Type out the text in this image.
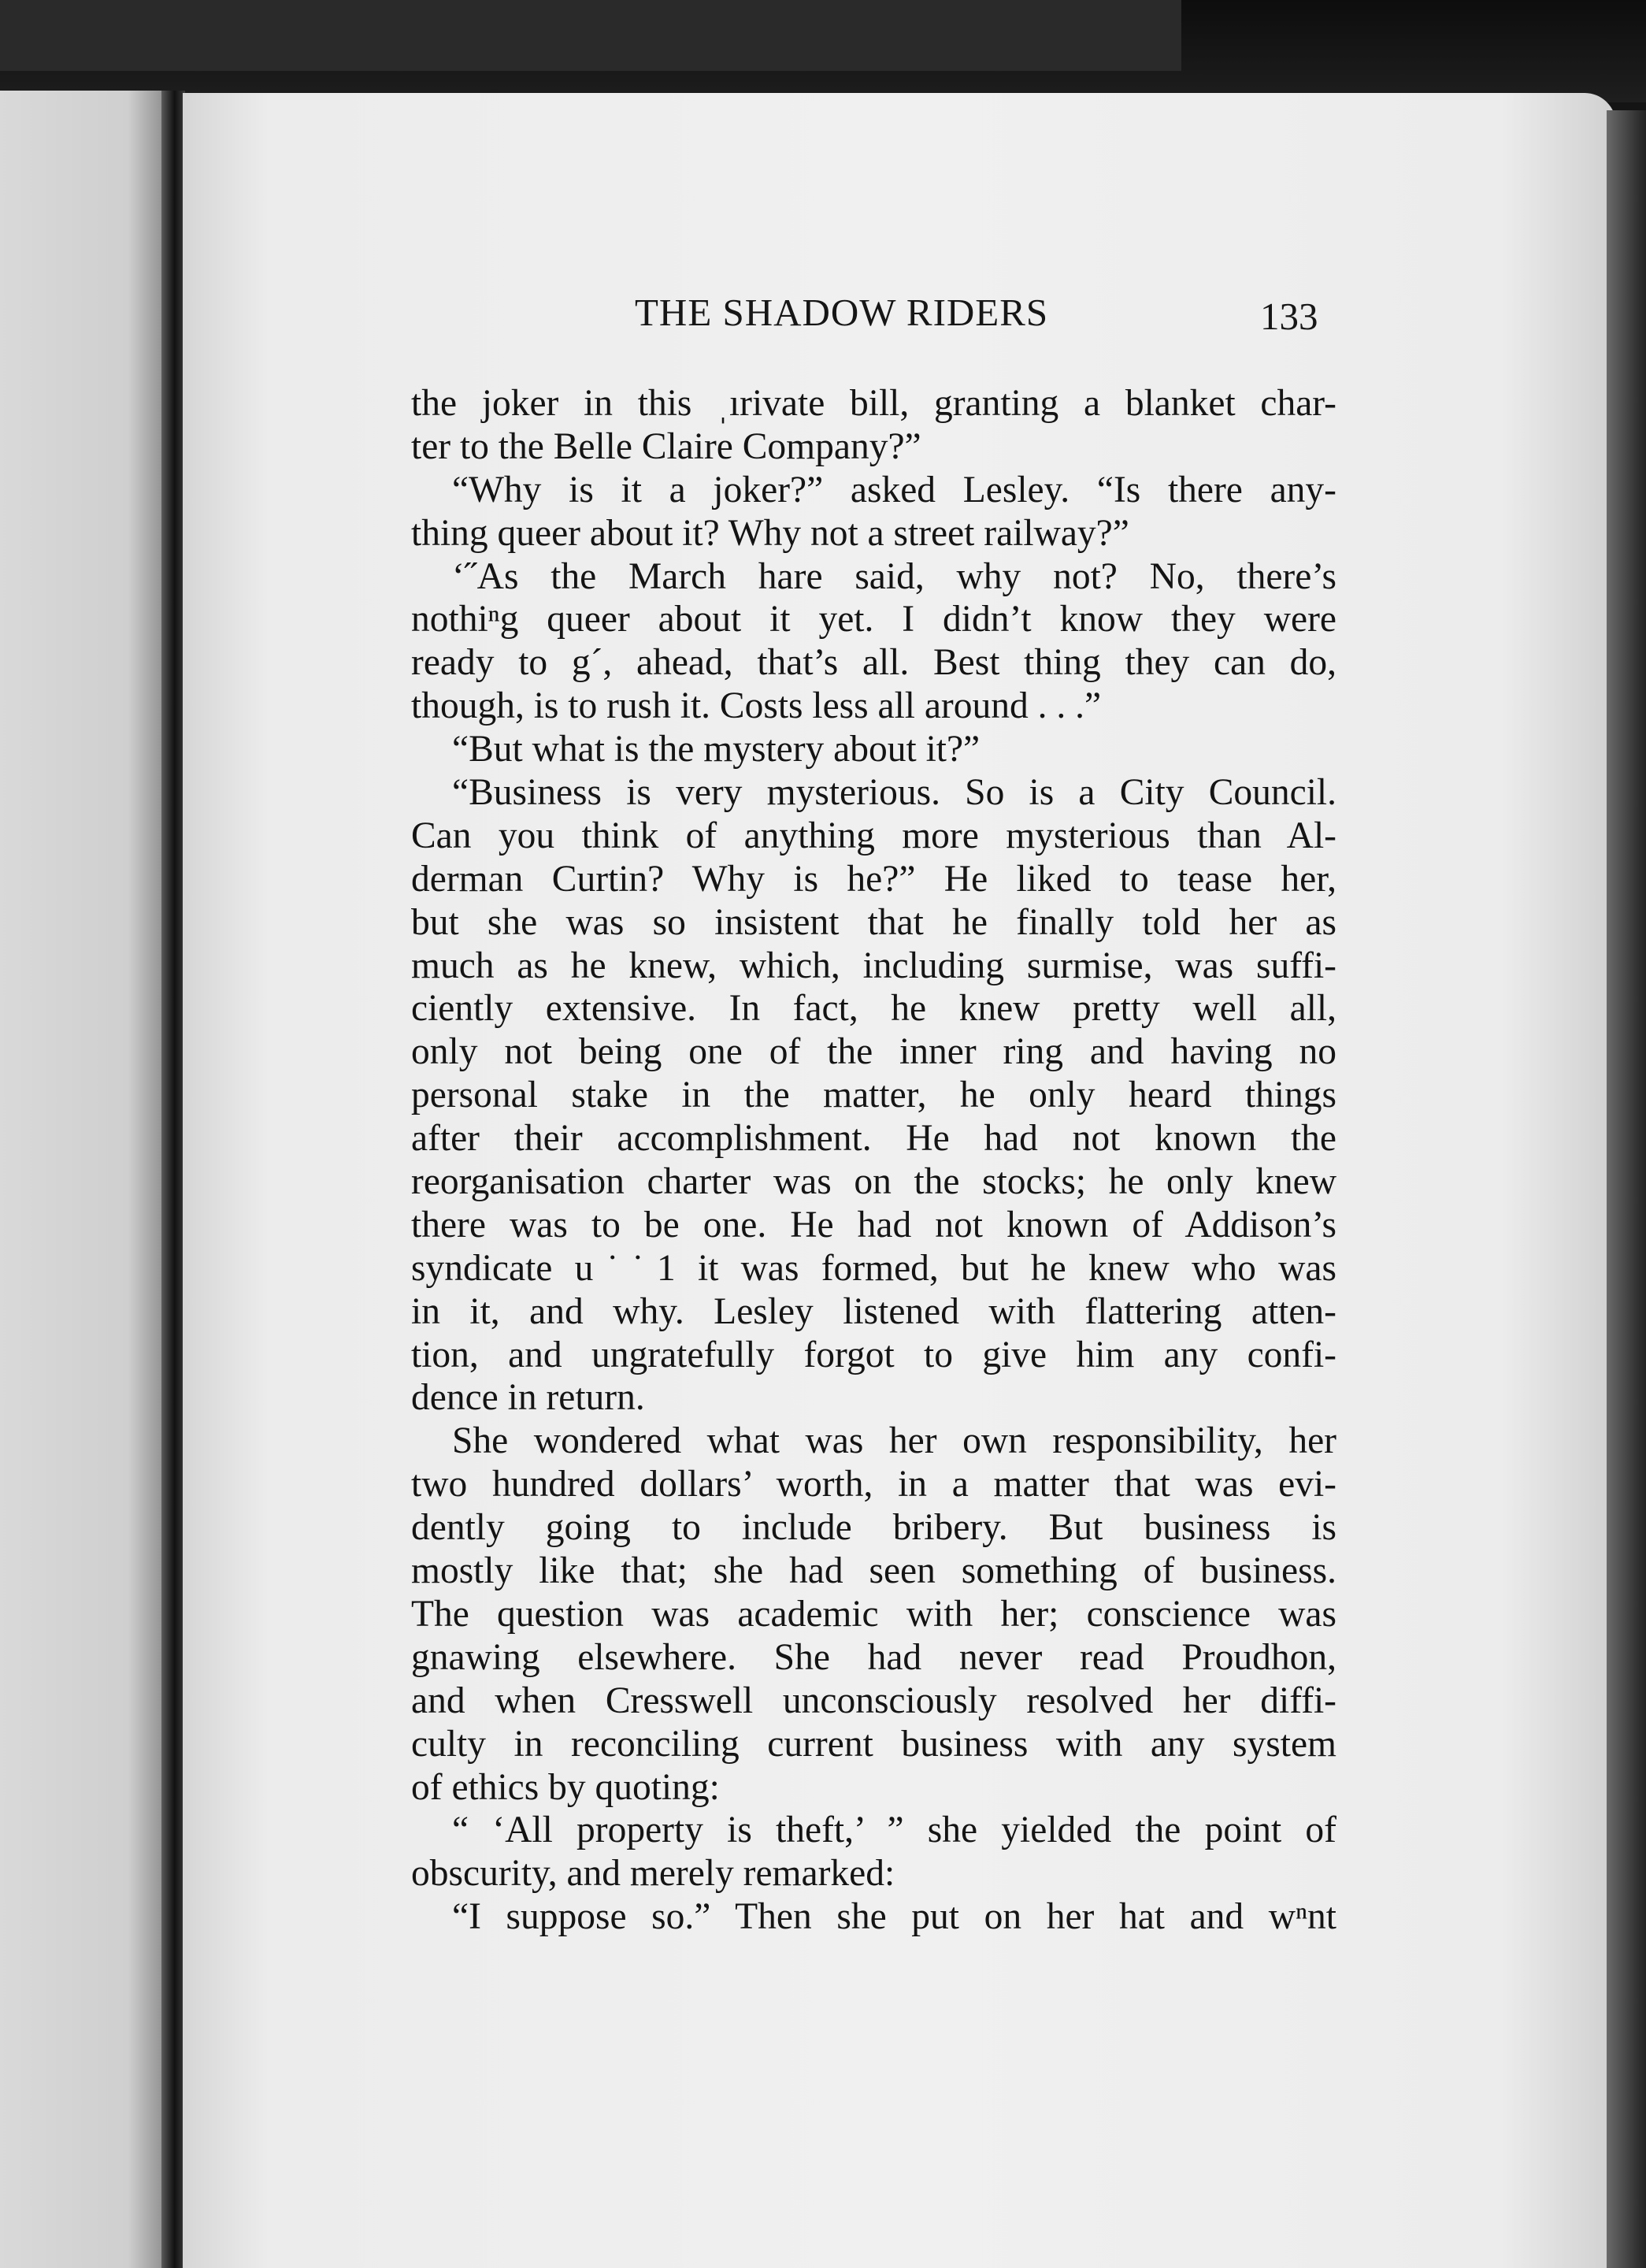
THE SHADOW RIDERS	133
the joker in this ˌırivate bill, granting a blanket char-
ter to the Belle Claire Company?”
“Why is it a joker?” asked Lesley. “Is there any-
thing queer about it? Why not a street railway?”
‘˝As the March hare said, why not? No, there’s
nothiⁿg queer about it yet. I didn’t know they were
ready to g´, ahead, that’s all. Best thing they can do,
though, is to rush it. Costs less all around . . .”
“But what is the mystery about it?”
“Business is very mysterious. So is a City Council.
Can you think of anything more mysterious than Al-
derman Curtin? Why is he?” He liked to tease her,
but she was so insistent that he finally told her as
much as he knew, which, including surmise, was suffi-
ciently extensive. In fact, he knew pretty well all,
only not being one of the inner ring and having no
personal stake in the matter, he only heard things
after their accomplishment. He had not known the
reorganisation charter was on the stocks; he only knew
there was to be one. He had not known of Addison’s
syndicate u˙˙1 it was formed, but he knew who was
in it, and why. Lesley listened with flattering atten-
tion, and ungratefully forgot to give him any confi-
dence in return.
She wondered what was her own responsibility, her
two hundred dollars’ worth, in a matter that was evi-
dently going to include bribery. But business is
mostly like that; she had seen something of business.
The question was academic with her; conscience was
gnawing elsewhere. She had never read Proudhon,
and when Cresswell unconsciously resolved her diffi-
culty in reconciling current business with any system
of ethics by quoting:
“ ‘All property is theft,’ ” she yielded the point of
obscurity, and merely remarked:
“I suppose so.” Then she put on her hat and wⁿnt
